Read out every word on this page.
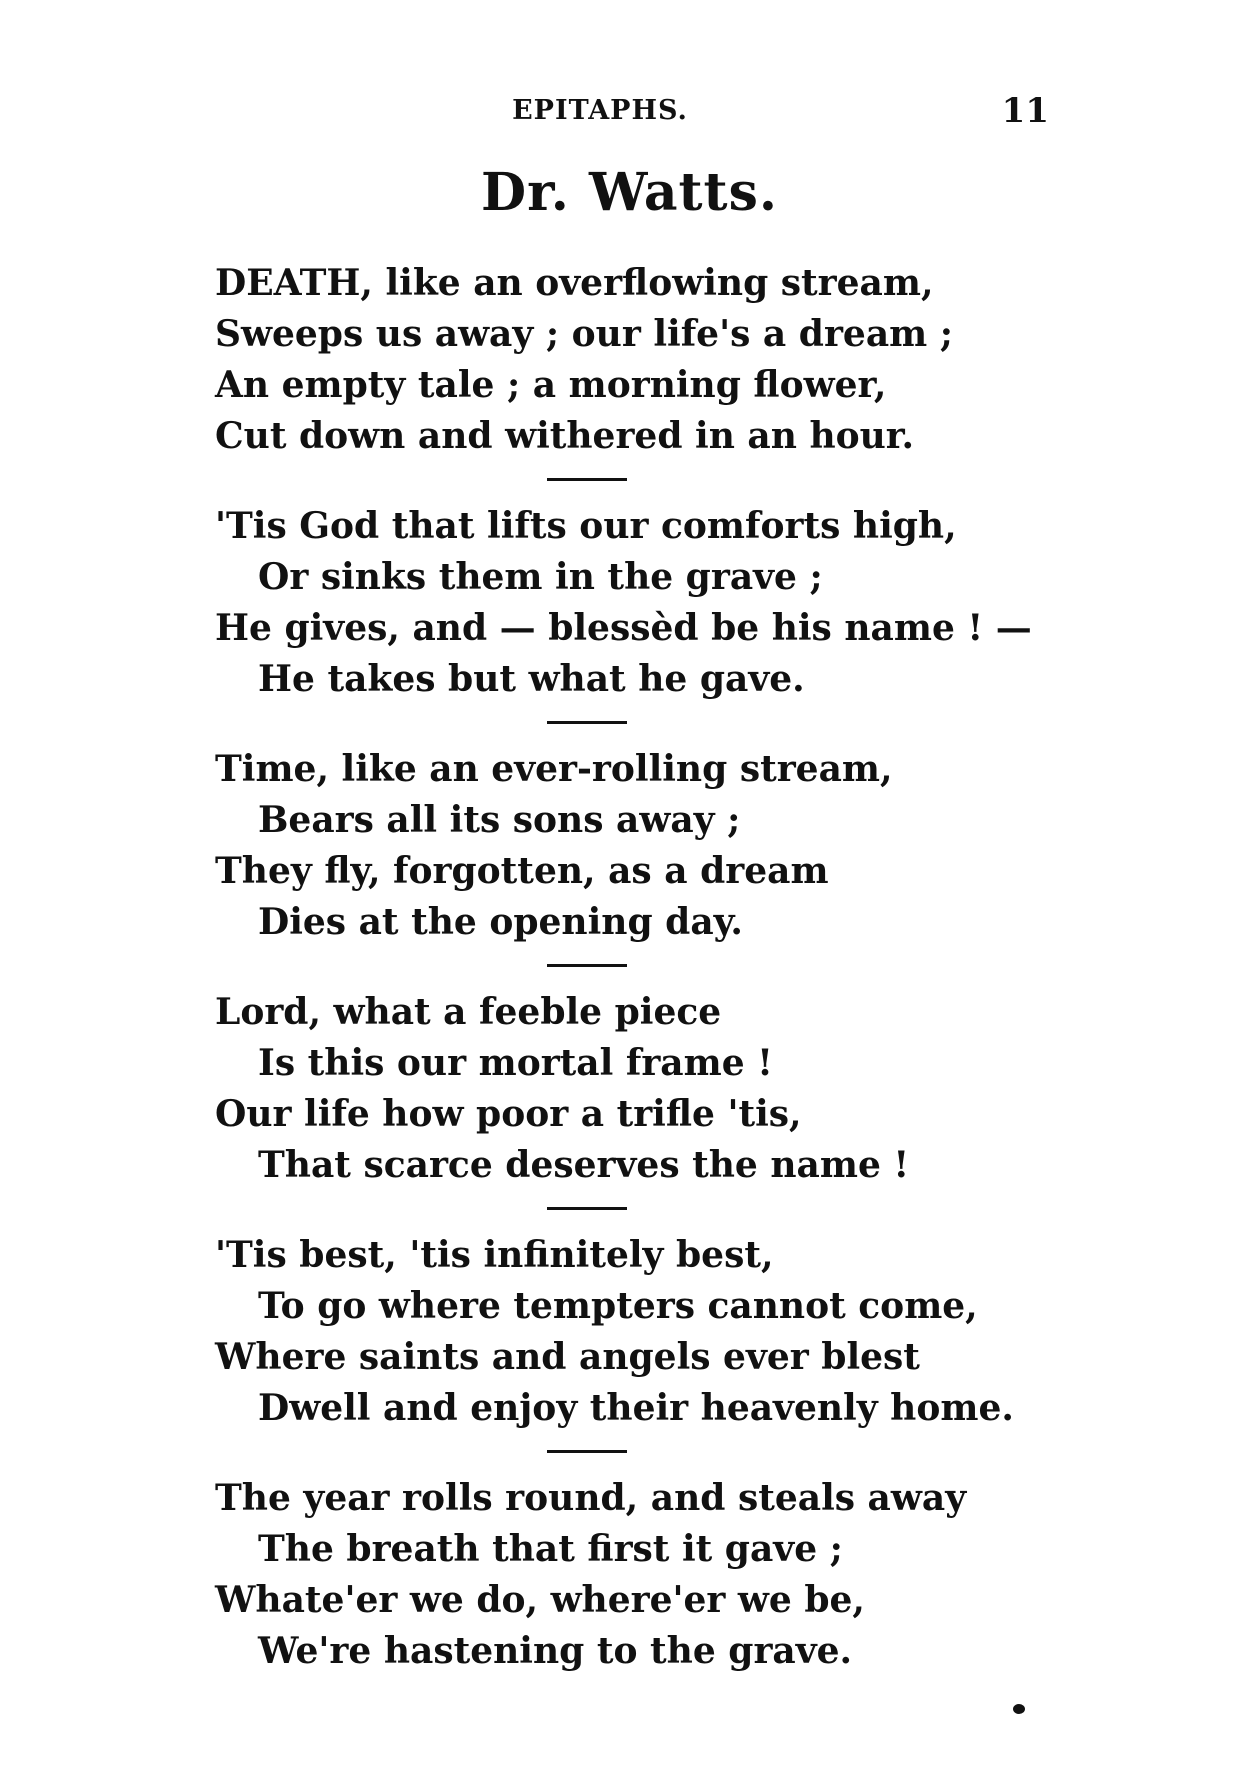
EPITAPHS.	11
Dr. Watts.
DEATH, like an overflowing stream,
Sweeps us away ; our life's a dream ;
An empty tale ; a morning flower,
Cut down and withered in an hour.
'Tis God that lifts our comforts high,
Or sinks them in the grave ;
He gives, and — blessèd be his name ! —
He takes but what he gave.
Time, like an ever-rolling stream,
Bears all its sons away ;
They fly, forgotten, as a dream
Dies at the opening day.
Lord, what a feeble piece
Is this our mortal frame !
Our life how poor a trifle 'tis,
That scarce deserves the name !
'Tis best, 'tis infinitely best,
To go where tempters cannot come,
Where saints and angels ever blest
Dwell and enjoy their heavenly home.
The year rolls round, and steals away
The breath that first it gave ;
Whate'er we do, where'er we be,
We're hastening to the grave.
